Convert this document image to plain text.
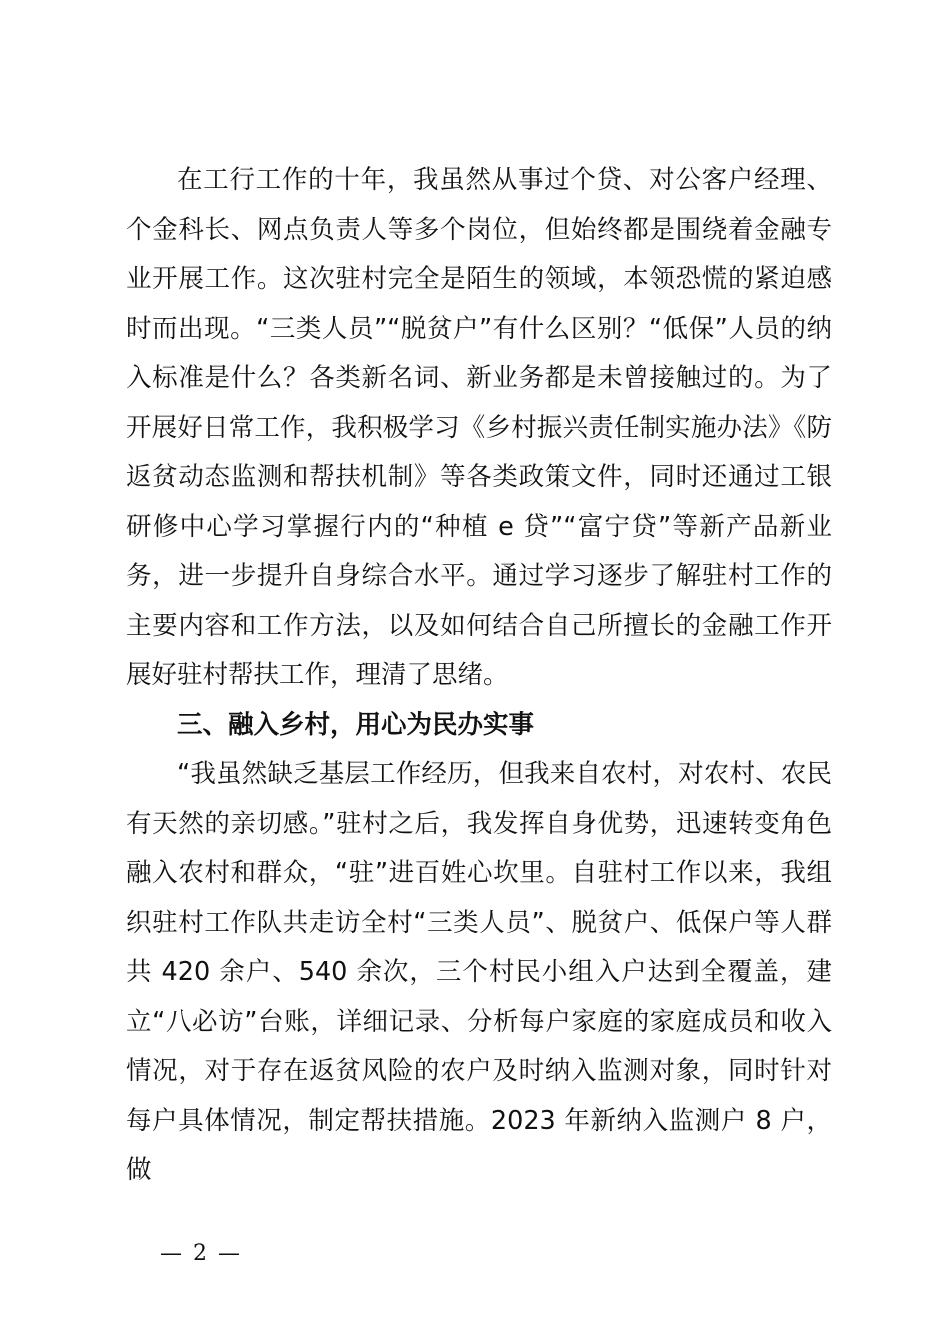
在工行工作的十年，我虽然从事过个贷、对公客户经理、个金科长、网点负责人等多个岗位，但始终都是围绕着金融专业开展工作。这次驻村完全是陌生的领域，本领恐慌的紧迫感时而出现。“三类人员”“脱贫户”有什么区别？“低保”人员的纳入标准是什么？各类新名词、新业务都是未曾接触过的。为了开展好日常工作，我积极学习《乡村振兴责任制实施办法》《防返贫动态监测和帮扶机制》等各类政策文件，同时还通过工银研修中心学习掌握行内的“种植 e 贷”“富宁贷”等新产品新业务，进一步提升自身综合水平。通过学习逐步了解驻村工作的主要内容和工作方法，以及如何结合自己所擅长的金融工作开展好驻村帮扶工作，理清了思绪。

三、融入乡村，用心为民办实事

“我虽然缺乏基层工作经历，但我来自农村，对农村、农民有天然的亲切感。”驻村之后，我发挥自身优势，迅速转变角色融入农村和群众，“驻”进百姓心坎里。自驻村工作以来，我组织驻村工作队共走访全村“三类人员”、脱贫户、低保户等人群共 420 余户、540 余次，三个村民小组入户达到全覆盖，建立“八必访”台账，详细记录、分析每户家庭的家庭成员和收入情况，对于存在返贫风险的农户及时纳入监测对象，同时针对每户具体情况，制定帮扶措施。2023 年新纳入监测户 8 户，做

— 2 —
